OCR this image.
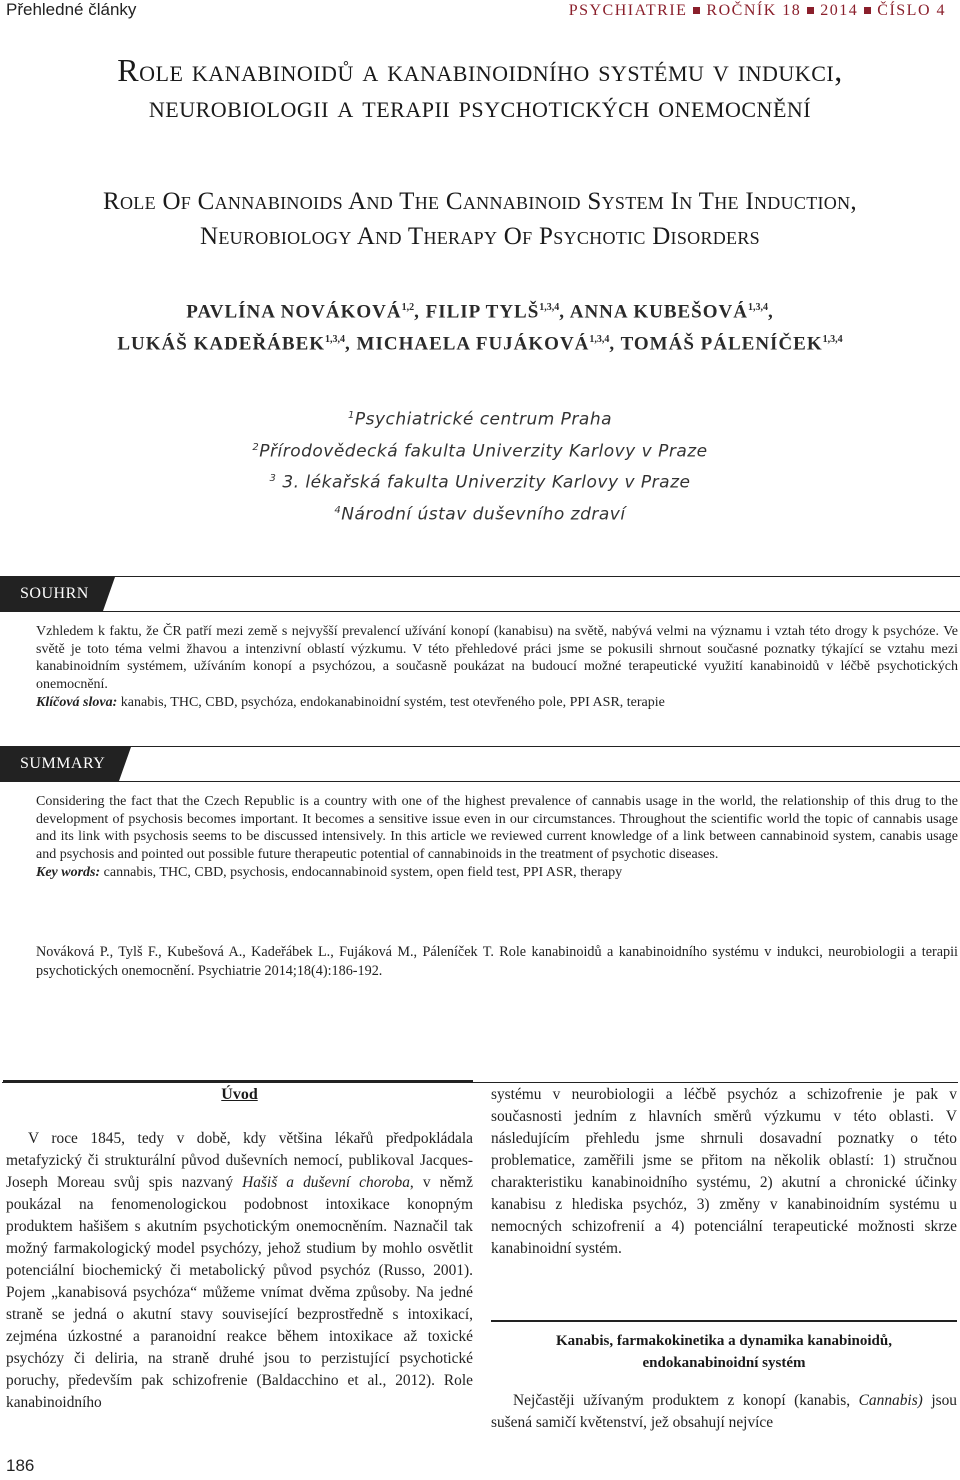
Přehledné články	PSYCHIATRIE ROČNÍK 18 2014 ČÍSLO 4
Role kanabinoidů a kanabinoidního systému v indukci,
neurobiologii a terapii psychotických onemocnění
Role Of Cannabinoids And The Cannabinoid System In The Induction,
Neurobiology And Therapy Of Psychotic Disorders
PAVLÍNA NOVÁKOVÁ$^{1,2}$, FILIP TYLŠ$^{1,3,4}$, ANNA KUBEŠOVÁ$^{1,3,4}$,
LUKÁŠ KADEŘÁBEK$^{1,3,4}$, MICHAELA FUJÁKOVÁ$^{1,3,4}$, TOMÁŠ PÁLENÍČEK$^{1,3,4}$
$^1$Psychiatrické centrum Praha
$^2$Přírodovědecká fakulta Univerzity Karlovy v Praze
$^3$ 3. lékařská fakulta Univerzity Karlovy v Praze
$^4$Národní ústav duševního zdraví
SOUHRN
Vzhledem k faktu, že ČR patří mezi země s nejvyšší prevalencí užívání konopí (kanabisu) na světě, nabývá velmi na významu i vztah této drogy k psychóze. Ve světě je toto téma velmi žhavou a intenzivní oblastí výzkumu. V této přehledové práci jsme se pokusili shrnout současné poznatky týkající se vztahu mezi kanabinoidním systémem, užíváním konopí a psychózou, a současně poukázat na budoucí možné terapeutické využití kanabinoidů v léčbě psychotických onemocnění.
Klíčová slova: kanabis, THC, CBD, psychóza, endokanabinoidní systém, test otevřeného pole, PPI ASR, terapie
SUMMARY
Considering the fact that the Czech Republic is a country with one of the highest prevalence of cannabis usage in the world, the relationship of this drug to the development of psychosis becomes important. It becomes a sensitive issue even in our circumstances. Throughout the scientific world the topic of cannabis usage and its link with psychosis seems to be discussed intensively. In this article we reviewed current knowledge of a link between cannabinoid system, canabis usage and psychosis and pointed out possible future therapeutic potential of cannabinoids in the treatment of psychotic diseases.
Key words: cannabis, THC, CBD, psychosis, endocannabinoid system, open field test, PPI ASR, therapy
Nováková P., Tylš F., Kubešová A., Kadeřábek L., Fujáková M., Páleníček T. Role kanabinoidů a kanabinoidního systému v indukci, neurobiologii a terapii psychotických onemocnění. Psychiatrie 2014;18(4):186-192.
Úvod

V roce 1845, tedy v době, kdy většina lékařů předpokládala metafyzický či strukturální původ duševních nemocí, publikoval Jacques-Joseph Moreau svůj spis nazvaný Hašiš a duševní choroba, v němž poukázal na fenomenologickou podobnost intoxikace konopným produktem hašišem s akutním psychotickým onemocněním. Naznačil tak možný farmakologický model psychózy, jehož studium by mohlo osvětlit potenciální biochemický či metabolický původ psychóz (Russo, 2001). Pojem „kanabisová psychóza“ můžeme vnímat dvěma způsoby. Na jedné straně se jedná o akutní stavy související bezprostředně s intoxikací, zejména úzkostné a paranoidní reakce během intoxikace až toxické psychózy či deliria, na straně druhé jsou to perzistující psychotické poruchy, především pak schizofrenie (Baldacchino et al., 2012). Role kanabinoidního

systému v neurobiologii a léčbě psychóz a schizofrenie je pak v současnosti jedním z hlavních směrů výzkumu v této oblasti. V následujícím přehledu jsme shrnuli dosavadní poznatky o této problematice, zaměřili jsme se přitom na několik oblastí: 1) stručnou charakteristiku kanabinoidního systému, 2) akutní a chronické účinky kanabisu z hlediska psychóz, 3) změny v kanabinoidním systému u nemocných schizofrenií a 4) potenciální terapeutické možnosti skrze kanabinoidní systém.

Kanabis, farmakokinetika a dynamika kanabinoidů,
endokanabinoidní systém

Nejčastěji užívaným produktem z konopí (kanabis, Cannabis) jsou sušená samičí květenství, jež obsahují nejvíce

186
